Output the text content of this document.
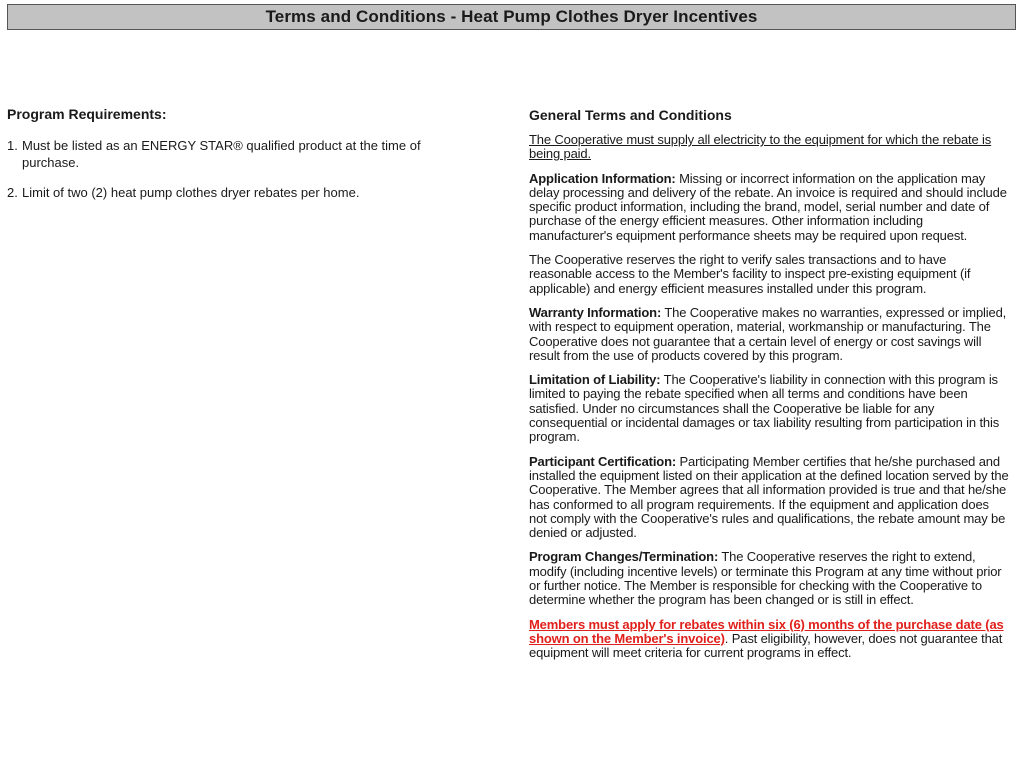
Terms and Conditions - Heat Pump Clothes Dryer Incentives
Program Requirements:
1. Must be listed as an ENERGY STAR® qualified product at the time of purchase.
2. Limit of two (2) heat pump clothes dryer rebates per home.
General Terms and Conditions

The Cooperative must supply all electricity to the equipment for which the rebate is being paid.

Application Information: Missing or incorrect information on the application may delay processing and delivery of the rebate. An invoice is required and should include specific product information, including the brand, model, serial number and date of purchase of the energy efficient measures. Other information including manufacturer's equipment performance sheets may be required upon request.

The Cooperative reserves the right to verify sales transactions and to have reasonable access to the Member's facility to inspect pre-existing equipment (if applicable) and energy efficient measures installed under this program.

Warranty Information: The Cooperative makes no warranties, expressed or implied, with respect to equipment operation, material, workmanship or manufacturing. The Cooperative does not guarantee that a certain level of energy or cost savings will result from the use of products covered by this program.

Limitation of Liability: The Cooperative's liability in connection with this program is limited to paying the rebate specified when all terms and conditions have been satisfied. Under no circumstances shall the Cooperative be liable for any consequential or incidental damages or tax liability resulting from participation in this program.

Participant Certification: Participating Member certifies that he/she purchased and installed the equipment listed on their application at the defined location served by the Cooperative. The Member agrees that all information provided is true and that he/she has conformed to all program requirements. If the equipment and application does not comply with the Cooperative's rules and qualifications, the rebate amount may be denied or adjusted.

Program Changes/Termination: The Cooperative reserves the right to extend, modify (including incentive levels) or terminate this Program at any time without prior or further notice. The Member is responsible for checking with the Cooperative to determine whether the program has been changed or is still in effect.

Members must apply for rebates within six (6) months of the purchase date (as shown on the Member's invoice). Past eligibility, however, does not guarantee that equipment will meet criteria for current programs in effect.
